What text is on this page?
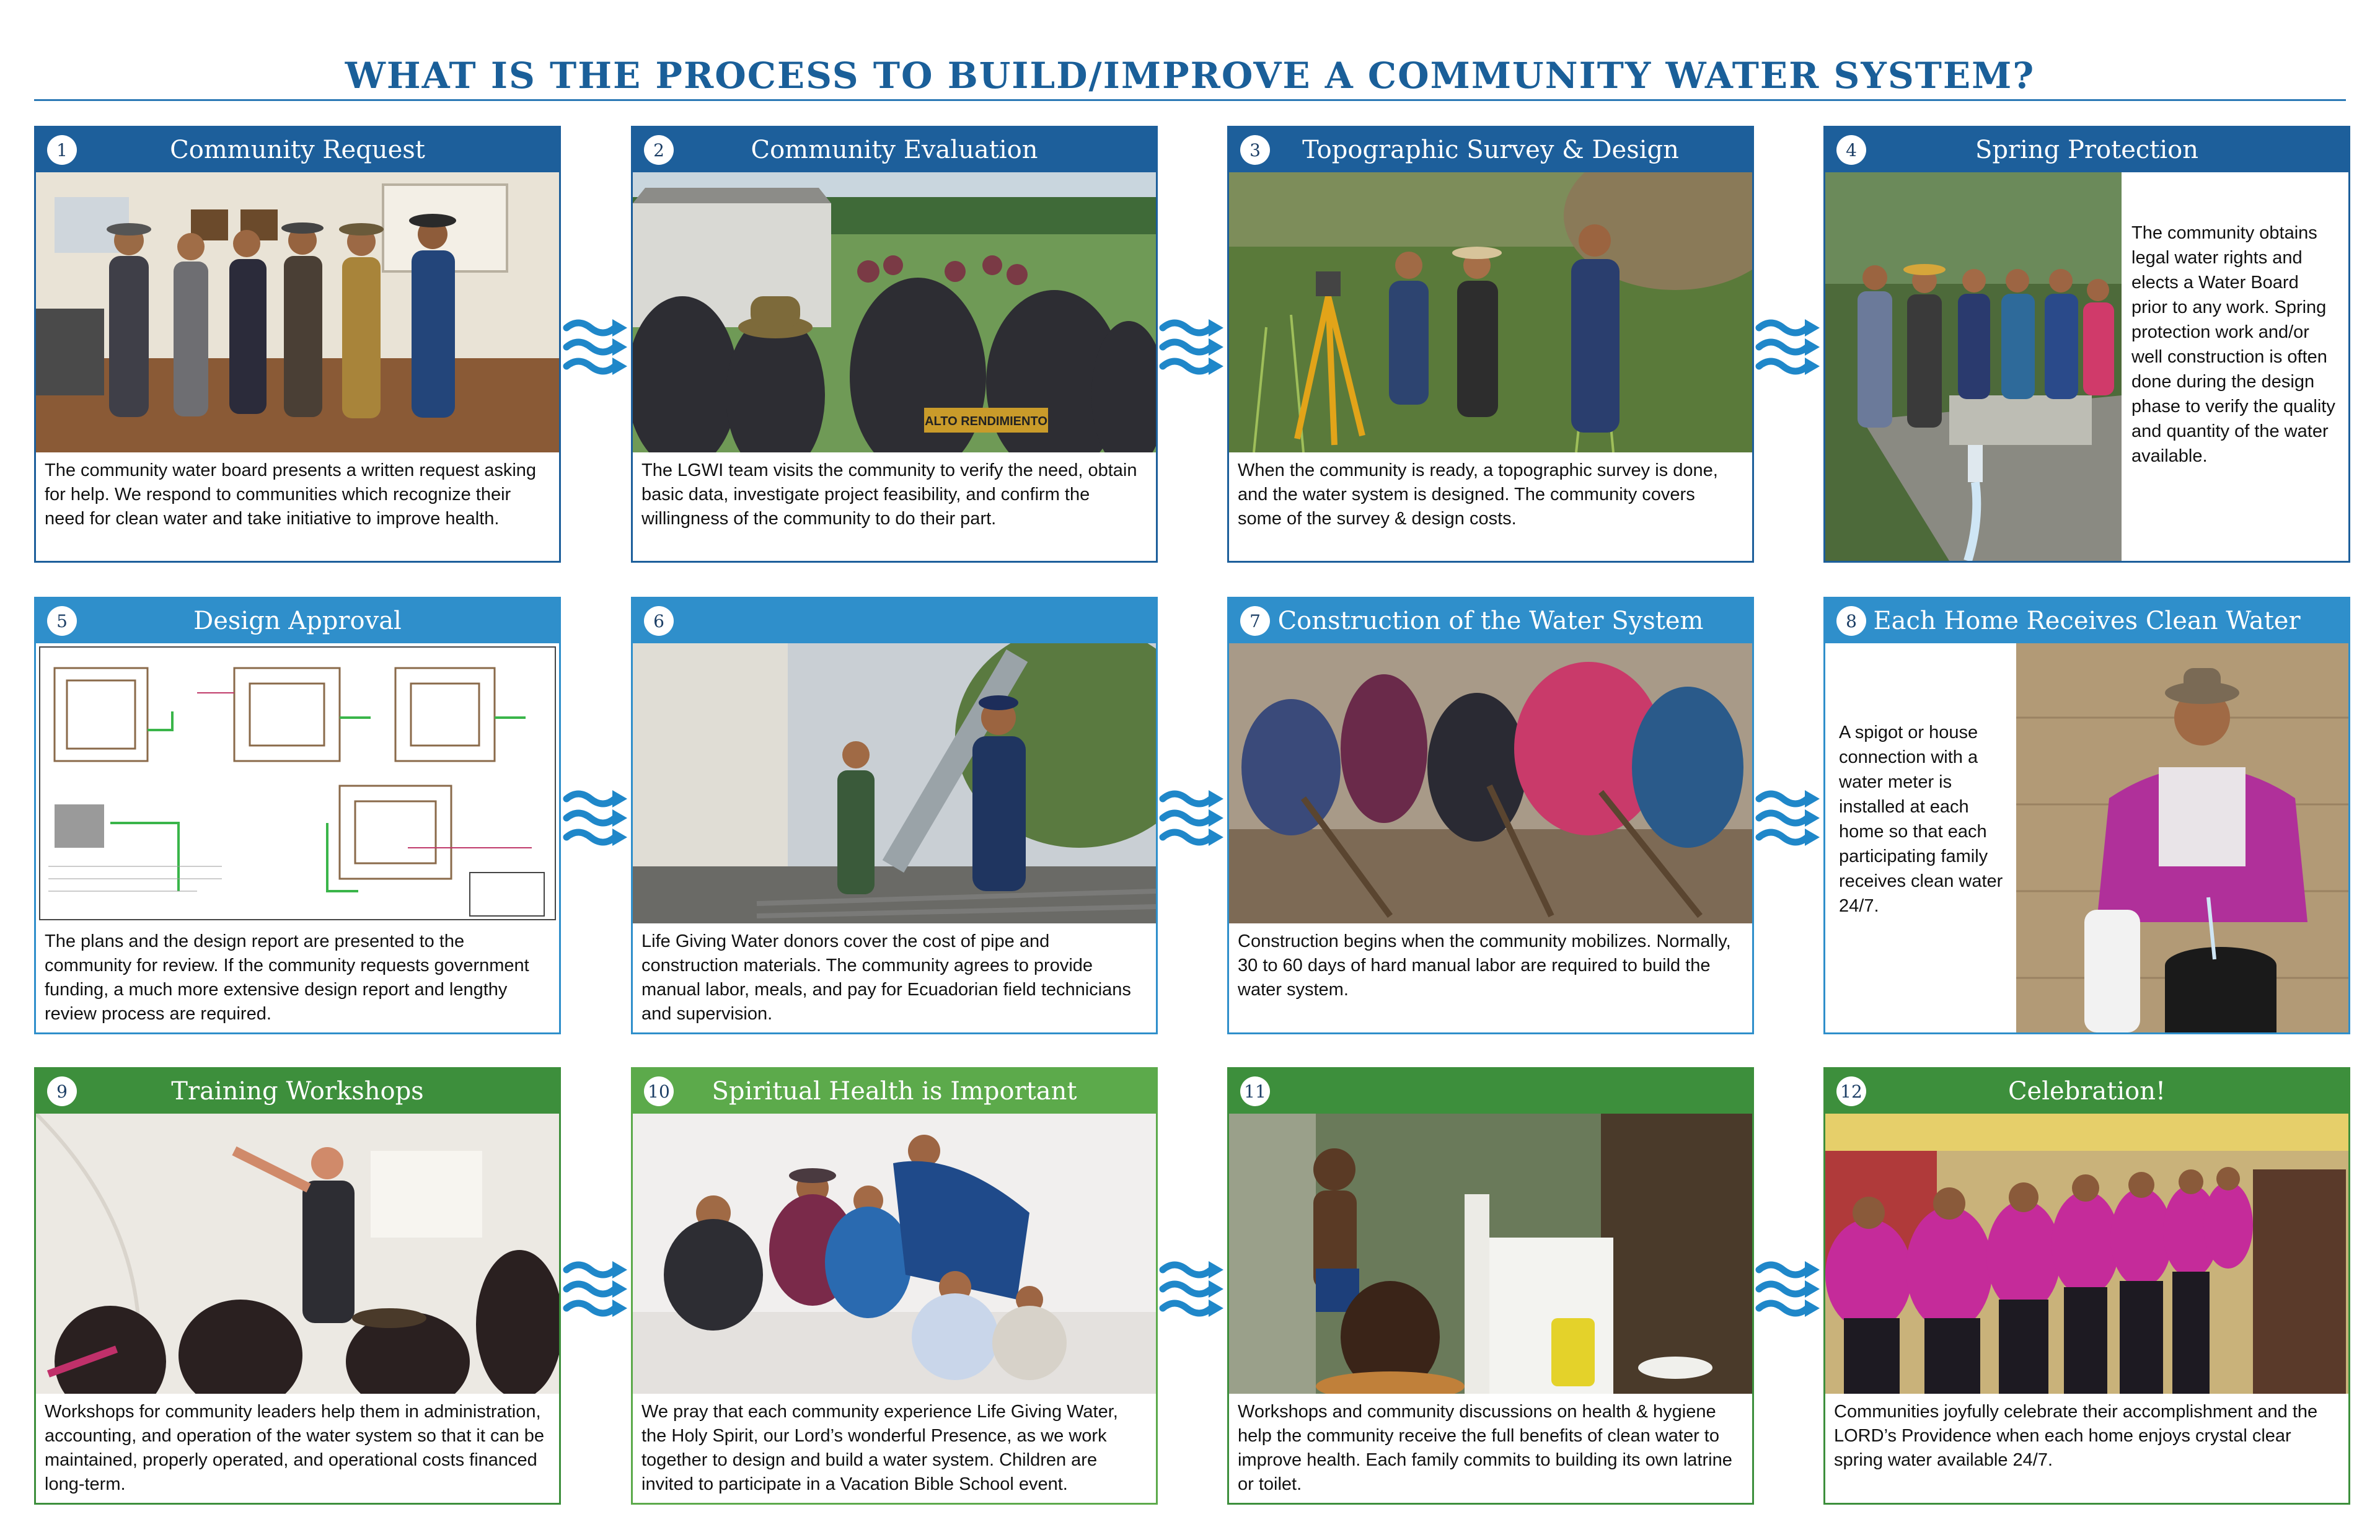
WHAT IS THE PROCESS TO BUILD/IMPROVE A COMMUNITY WATER SYSTEM?
1	Community Request

The community water board presents a written request asking for help. We respond to communities which recognize their need for clean water and take initiative to improve health.

2	Community Evaluation
ALTO RENDIMIENTO

The LGWI team visits the community to verify the need, obtain basic data, investigate project feasibility, and confirm the willingness of the community to do their part.

3	Topographic Survey & Design

When the community is ready, a topographic survey is done, and the water system is designed. The community covers some of the survey & design costs.

4	Spring Protection

The community obtains legal water rights and elects a Water Board prior to any work. Spring protection work and/or well construction is often done during the design phase to verify the quality and quantity of the water available.

5	Design Approval

The plans and the design report are presented to the community for review. If the community requests government funding, a much more extensive design report and lengthy review process are required.

6

Life Giving Water donors cover the cost of pipe and construction materials. The community agrees to provide manual labor, meals, and pay for Ecuadorian field technicians and supervision.

7 Construction of the Water System

Construction begins when the community mobilizes. Normally, 30 to 60 days of hard manual labor are required to build the water system.

8 Each Home Receives Clean Water

A spigot or house connection with a water meter is installed at each home so that each participating family receives clean water 24/7.

9	Training Workshops

Workshops for community leaders help them in administration, accounting, and operation of the water system so that it can be maintained, properly operated, and operational costs financed long-term.

10 Spiritual Health is Important

We pray that each community experience Life Giving Water, the Holy Spirit, our Lord’s wonderful Presence, as we work together to design and build a water system. Children are invited to participate in a Vacation Bible School event.

11

Workshops and community discussions on health & hygiene help the community receive the full benefits of clean water to improve health. Each family commits to building its own latrine or toilet.

12	Celebration!

Communities joyfully celebrate their accomplishment and the LORD’s Providence when each home enjoys crystal clear spring water available 24/7.
